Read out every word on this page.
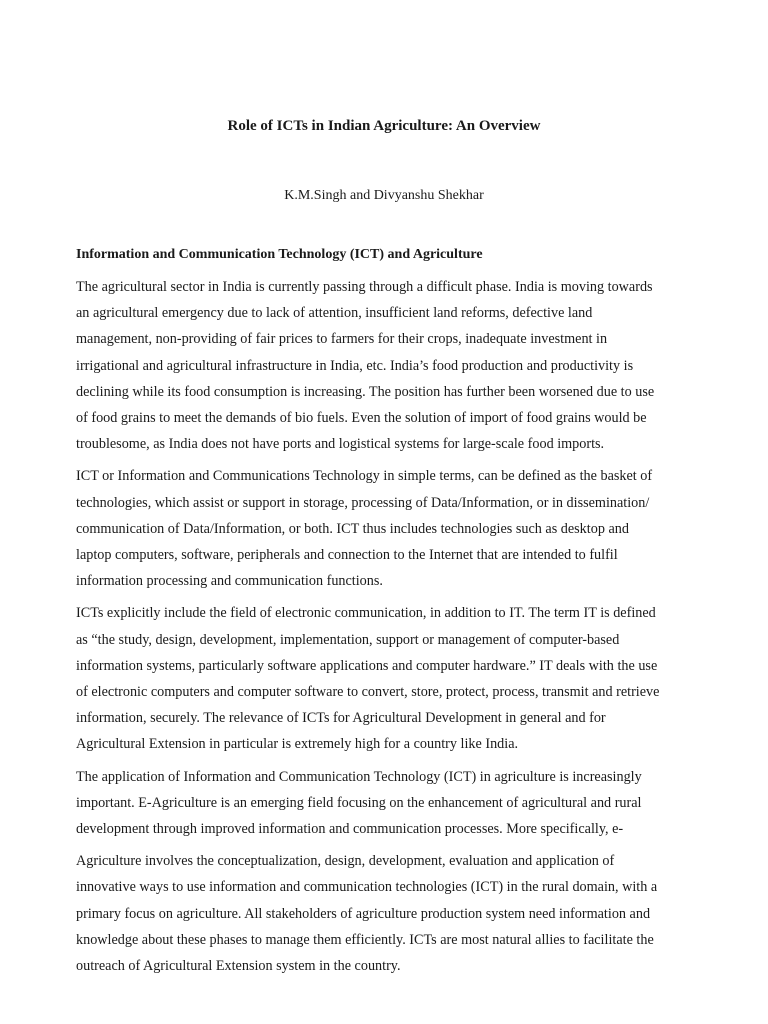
Role of ICTs in Indian Agriculture: An Overview

K.M.Singh and Divyanshu Shekhar

Information and Communication Technology (ICT) and Agriculture

The agricultural sector in India is currently passing through a difficult phase. India is moving towards
an agricultural emergency due to lack of attention, insufficient land reforms, defective land
management, non-providing of fair prices to farmers for their crops, inadequate investment in
irrigational and agricultural infrastructure in India, etc. India’s food production and productivity is
declining while its food consumption is increasing. The position has further been worsened due to use
of food grains to meet the demands of bio fuels. Even the solution of import of food grains would be
troublesome, as India does not have ports and logistical systems for large-scale food imports.

ICT or Information and Communications Technology in simple terms, can be defined as the basket of
technologies, which assist or support in storage, processing of Data/Information, or in dissemination/
communication of Data/Information, or both. ICT thus includes technologies such as desktop and
laptop computers, software, peripherals and connection to the Internet that are intended to fulfil
information processing and communication functions.

ICTs explicitly include the field of electronic communication, in addition to IT. The term IT is defined
as “the study, design, development, implementation, support or management of computer-based
information systems, particularly software applications and computer hardware.” IT deals with the use
of electronic computers and computer software to convert, store, protect, process, transmit and retrieve
information, securely. The relevance of ICTs for Agricultural Development in general and for
Agricultural Extension in particular is extremely high for a country like India.

The application of Information and Communication Technology (ICT) in agriculture is increasingly
important. E-Agriculture is an emerging field focusing on the enhancement of agricultural and rural
development through improved information and communication processes. More specifically, e-

Agriculture involves the conceptualization, design, development, evaluation and application of
innovative ways to use information and communication technologies (ICT) in the rural domain, with a
primary focus on agriculture. All stakeholders of agriculture production system need information and
knowledge about these phases to manage them efficiently. ICTs are most natural allies to facilitate the
outreach of Agricultural Extension system in the country.
